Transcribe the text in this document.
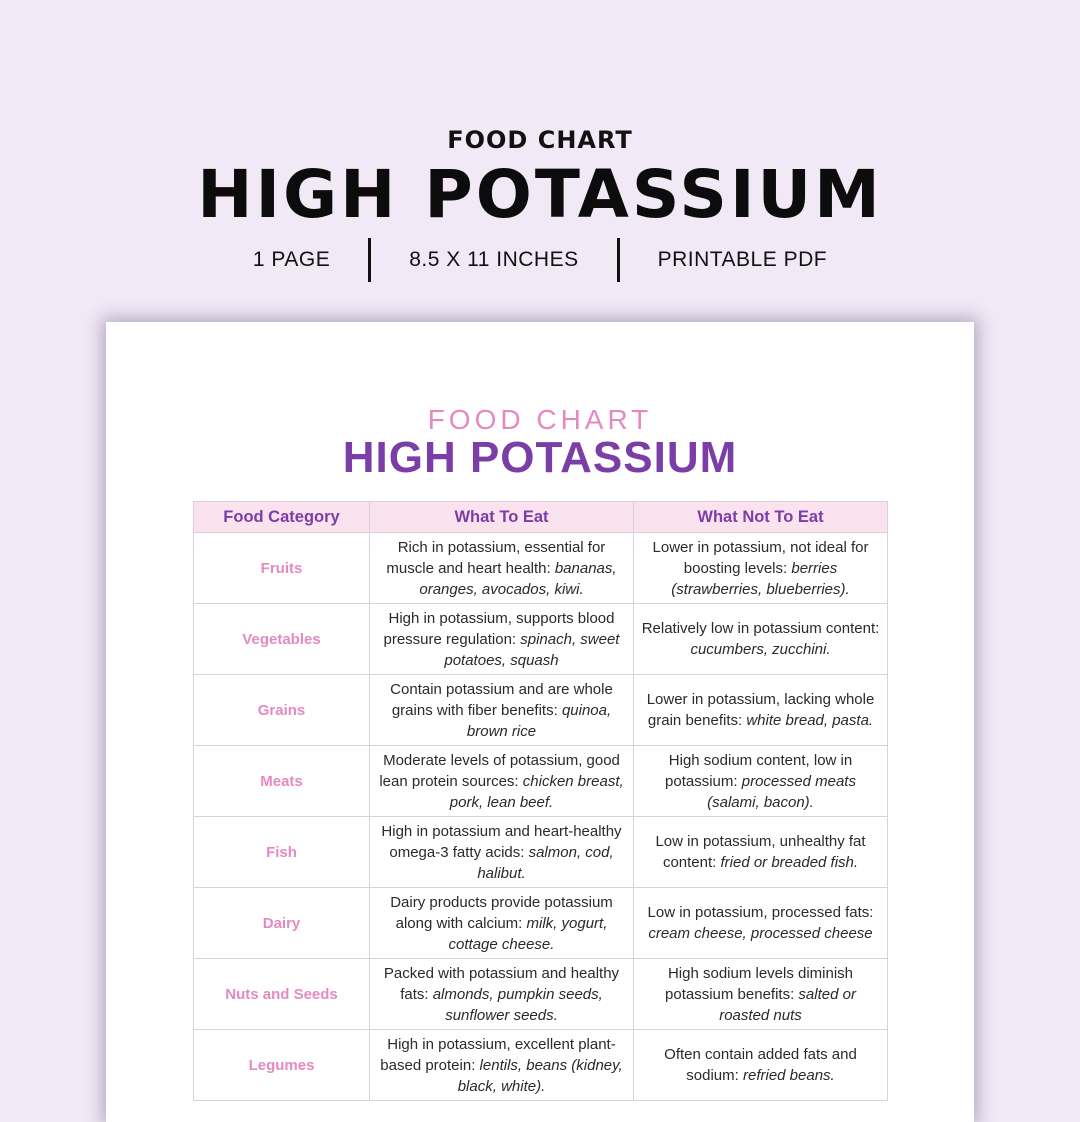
FOOD CHART
HIGH POTASSIUM
1 PAGE	8.5 X 11 INCHES	PRINTABLE PDF
FOOD CHART
HIGH POTASSIUM
Food Category	What To Eat	What Not To Eat
Fruits	Rich in potassium, essential for muscle and heart health: bananas, oranges, avocados, kiwi.	Lower in potassium, not ideal for boosting levels: berries (strawberries, blueberries).
Vegetables	High in potassium, supports blood pressure regulation: spinach, sweet potatoes, squash	Relatively low in potassium content: cucumbers, zucchini.
Grains	Contain potassium and are whole grains with fiber benefits: quinoa, brown rice	Lower in potassium, lacking whole grain benefits: white bread, pasta.
Meats	Moderate levels of potassium, good lean protein sources: chicken breast, pork, lean beef.	High sodium content, low in potassium: processed meats (salami, bacon).
Fish	High in potassium and heart-healthy omega-3 fatty acids: salmon, cod, halibut.	Low in potassium, unhealthy fat content: fried or breaded fish.
Dairy	Dairy products provide potassium along with calcium: milk, yogurt, cottage cheese.	Low in potassium, processed fats: cream cheese, processed cheese
Nuts and Seeds	Packed with potassium and healthy fats: almonds, pumpkin seeds, sunflower seeds.	High sodium levels diminish potassium benefits: salted or roasted nuts
Legumes	High in potassium, excellent plant-based protein: lentils, beans (kidney, black, white).	Often contain added fats and sodium: refried beans.
